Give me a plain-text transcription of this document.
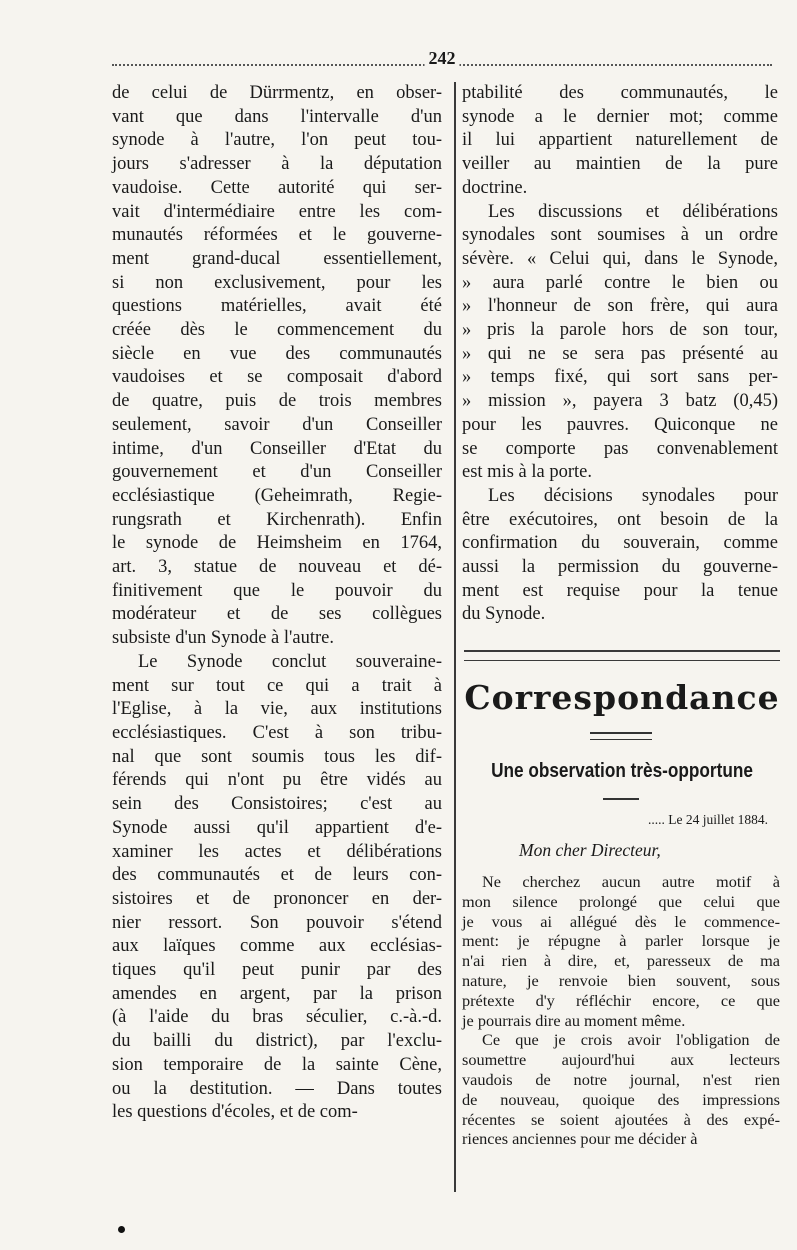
242

de celui de Dürrmentz, en obser-
vant que dans l'intervalle d'un
synode à l'autre, l'on peut tou-
jours s'adresser à la députation
vaudoise. Cette autorité qui ser-
vait d'intermédiaire entre les com-
munautés réformées et le gouverne-
ment grand-ducal essentiellement,
si non exclusivement, pour les
questions matérielles, avait été
créée dès le commencement du
siècle en vue des communautés
vaudoises et se composait d'abord
de quatre, puis de trois membres
seulement, savoir d'un Conseiller
intime, d'un Conseiller d'Etat du
gouvernement et d'un Conseiller
ecclésiastique (Geheimrath, Regie-
rungsrath et Kirchenrath). Enfin
le synode de Heimsheim en 1764,
art. 3, statue de nouveau et dé-
finitivement que le pouvoir du
modérateur et de ses collègues
subsiste d'un Synode à l'autre.

Le Synode conclut souveraine-
ment sur tout ce qui a trait à
l'Eglise, à la vie, aux institutions
ecclésiastiques. C'est à son tribu-
nal que sont soumis tous les dif-
férends qui n'ont pu être vidés au
sein des Consistoires; c'est au
Synode aussi qu'il appartient d'e-
xaminer les actes et délibérations
des communautés et de leurs con-
sistoires et de prononcer en der-
nier ressort. Son pouvoir s'étend
aux laïques comme aux ecclésias-
tiques qu'il peut punir par des
amendes en argent, par la prison
(à l'aide du bras séculier, c.-à.-d.
du bailli du district), par l'exclu-
sion temporaire de la sainte Cène,
ou la destitution. — Dans toutes
les questions d'écoles, et de com-

ptabilité des communautés, le
synode a le dernier mot; comme
il lui appartient naturellement de
veiller au maintien de la pure
doctrine.

Les discussions et délibérations
synodales sont soumises à un ordre
sévère. « Celui qui, dans le Synode,
» aura parlé contre le bien ou
» l'honneur de son frère, qui aura
» pris la parole hors de son tour,
» qui ne se sera pas présenté au
» temps fixé, qui sort sans per-
» mission », payera 3 batz (0,45)
pour les pauvres. Quiconque ne
se comporte pas convenablement
est mis à la porte.

Les décisions synodales pour
être exécutoires, ont besoin de la
confirmation du souverain, comme
aussi la permission du gouverne-
ment est requise pour la tenue
du Synode.

Correspondance
Une observation très-opportune
..... Le 24 juillet 1884.
Mon cher Directeur,

Ne cherchez aucun autre motif à
mon silence prolongé que celui que
je vous ai allégué dès le commence-
ment: je répugne à parler lorsque je
n'ai rien à dire, et, paresseux de ma
nature, je renvoie bien souvent, sous
prétexte d'y réfléchir encore, ce que
je pourrais dire au moment même.

Ce que je crois avoir l'obligation de
soumettre aujourd'hui aux lecteurs
vaudois de notre journal, n'est rien
de nouveau, quoique des impressions
récentes se soient ajoutées à des expé-
riences anciennes pour me décider à
